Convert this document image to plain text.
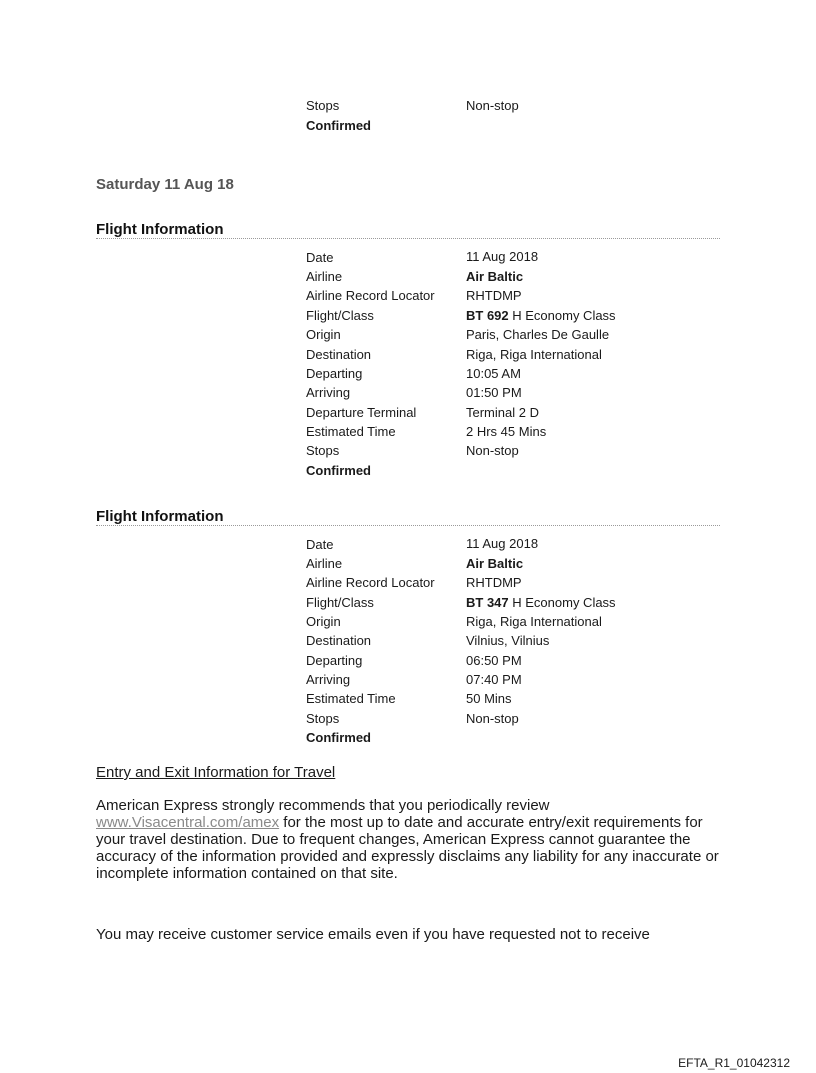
Stops	Non-stop
Confirmed
Saturday 11 Aug 18
Flight Information
Date	11 Aug 2018
Airline	Air Baltic
Airline Record Locator RHTDMP
Flight/Class	BT 692 H Economy Class
Origin	Paris, Charles De Gaulle
Destination	Riga, Riga International
Departing	10:05 AM
Arriving	01:50 PM
Departure Terminal	Terminal 2 D
Estimated Time	2 Hrs 45 Mins
Stops	Non-stop
Confirmed
Flight Information
Date	11 Aug 2018
Airline	Air Baltic
Airline Record Locator RHTDMP
Flight/Class	BT 347 H Economy Class
Origin	Riga, Riga International
Destination	Vilnius, Vilnius
Departing	06:50 PM
Arriving	07:40 PM
Estimated Time	50 Mins
Stops	Non-stop
Confirmed
Entry and Exit Information for Travel
American Express strongly recommends that you periodically review
www.Visacentral.com/amex for the most up to date and accurate entry/exit requirements for your travel destination. Due to frequent changes, American Express cannot guarantee the accuracy of the information provided and expressly disclaims any liability for any inaccurate or incomplete information contained on that site.
You may receive customer service emails even if you have requested not to receive
EFTA_R1_01042312
